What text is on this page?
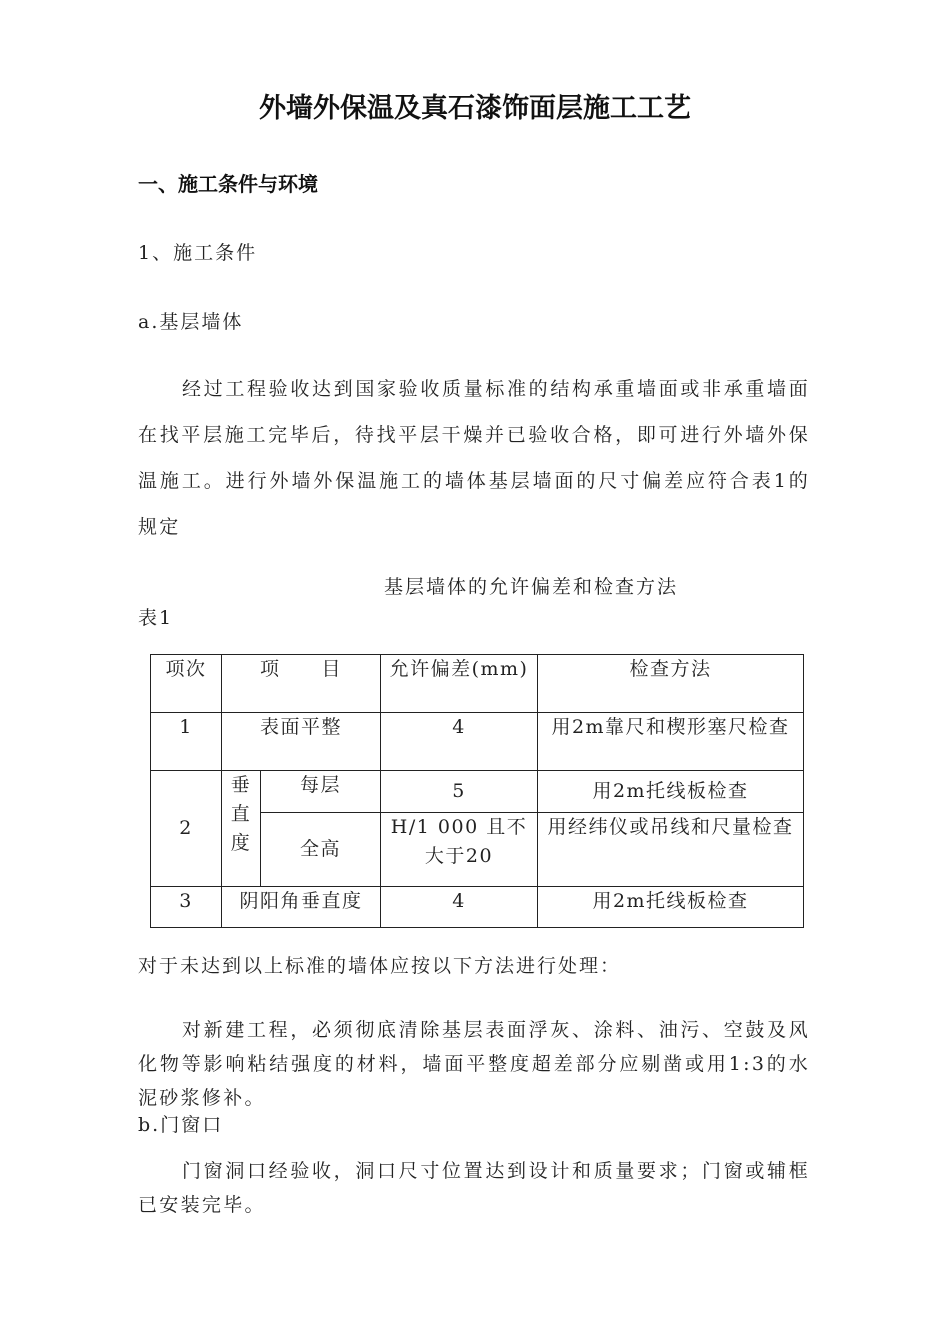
外墙外保温及真石漆饰面层施工工艺
一、施工条件与环境
1、施工条件
a.基层墙体
经过工程验收达到国家验收质量标准的结构承重墙面或非承重墙面在找平层施工完毕后，待找平层干燥并已验收合格，即可进行外墙外保温施工。进行外墙外保温施工的墙体基层墙面的尺寸偏差应符合表1的规定
基层墙体的允许偏差和检查方法
表1
项次	项　　目		允许偏差(mm)	检查方法
1	表面平整		4	用2m靠尺和楔形塞尺检查
2	垂直度	每层	5	用2m托线板检查
		全高	H/1 000 且不大于20	用经纬仪或吊线和尺量检查
3	阴阳角垂直度		4	用2m托线板检查
对于未达到以上标准的墙体应按以下方法进行处理：
对新建工程，必须彻底清除基层表面浮灰、涂料、油污、空鼓及风化物等影响粘结强度的材料，墙面平整度超差部分应剔凿或用1:3的水泥砂浆修补。
b.门窗口
门窗洞口经验收，洞口尺寸位置达到设计和质量要求；门窗或辅框已安装完毕。
